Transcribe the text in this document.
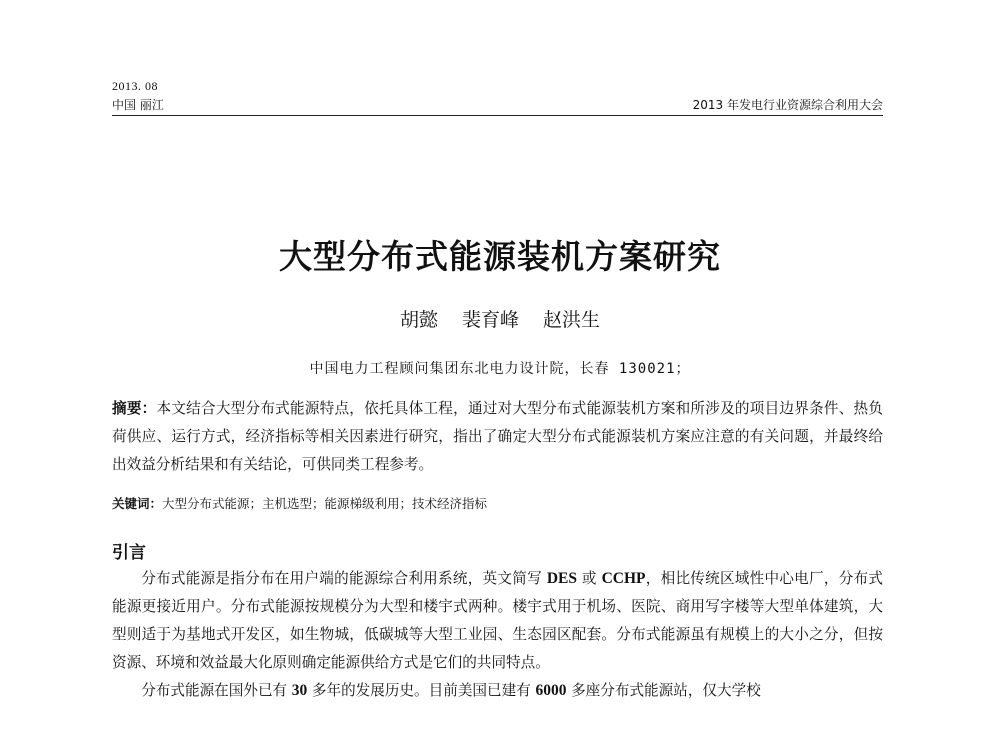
2013. 08
中国 丽江	2013 年发电行业资源综合利用大会
大型分布式能源装机方案研究
胡懿 裴育峰 赵洪生
中国电力工程顾问集团东北电力设计院，长春 130021；
摘要：本文结合大型分布式能源特点，依托具体工程，通过对大型分布式能源装机方案和所涉及的项目边界条件、热负荷供应、运行方式，经济指标等相关因素进行研究，指出了确定大型分布式能源装机方案应注意的有关问题，并最终给出效益分析结果和有关结论，可供同类工程参考。
关键词：大型分布式能源；主机选型；能源梯级利用；技术经济指标
引言

分布式能源是指分布在用户端的能源综合利用系统，英文简写 DES 或 CCHP，相比传统区域性中心电厂，分布式能源更接近用户。分布式能源按规模分为大型和楼宇式两种。楼宇式用于机场、医院、商用写字楼等大型单体建筑，大型则适于为基地式开发区，如生物城，低碳城等大型工业园、生态园区配套。分布式能源虽有规模上的大小之分，但按资源、环境和效益最大化原则确定能源供给方式是它们的共同特点。

分布式能源在国外已有 30 多年的发展历史。目前美国已建有 6000 多座分布式能源站，仅大学校
